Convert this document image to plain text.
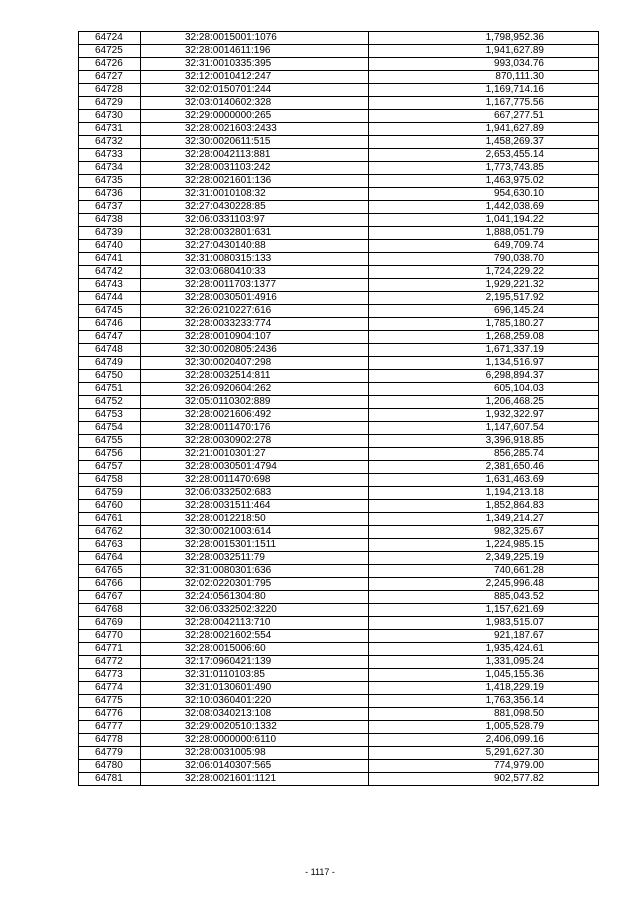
64724	32:28:0015001:1076	1,798,952.36
64725	32:28:0014611:196	1,941,627.89
64726	32:31:0010335:395	993,034.76
64727	32:12:0010412:247	870,111.30
64728	32:02:0150701:244	1,169,714.16
64729	32:03:0140602:328	1,167,775.56
64730	32:29:0000000:265	667,277.51
64731	32:28:0021603:2433	1,941,627.89
64732	32:30:0020611:515	1,458,269.37
64733	32:28:0042113:881	2,653,455.14
64734	32:28:0031103:242	1,773,743.85
64735	32:28:0021601:136	1,463,975.02
64736	32:31:0010108:32	954,630.10
64737	32:27:0430228:85	1,442,038.69
64738	32:06:0331103:97	1,041,194.22
64739	32:28:0032801:631	1,888,051.79
64740	32:27:0430140:88	649,709.74
64741	32:31:0080315:133	790,038.70
64742	32:03:0680410:33	1,724,229.22
64743	32:28:0011703:1377	1,929,221.32
64744	32:28:0030501:4916	2,195,517.92
64745	32:26:0210227:616	696,145.24
64746	32:28:0033233:774	1,785,180.27
64747	32:28:0010904:107	1,268,259.08
64748	32:30:0020805:2436	1,671,337.19
64749	32:30:0020407:298	1,134,516.97
64750	32:28:0032514:811	6,298,894.37
64751	32:26:0920604:262	605,104.03
64752	32:05:0110302:889	1,206,468.25
64753	32:28:0021606:492	1,932,322.97
64754	32:28:0011470:176	1,147,607.54
64755	32:28:0030902:278	3,396,918.85
64756	32:21:0010301:27	856,285.74
64757	32:28:0030501:4794	2,381,650.46
64758	32:28:0011470:698	1,631,463.69
64759	32:06:0332502:683	1,194,213.18
64760	32:28:0031511:464	1,852,864.83
64761	32:28:0012218:50	1,349,214.27
64762	32:30:0021003:614	982,325.67
64763	32:28:0015301:1511	1,224,985.15
64764	32:28:0032511:79	2,349,225.19
64765	32:31:0080301:636	740,661.28
64766	32:02:0220301:795	2,245,996.48
64767	32:24:0561304:80	885,043.52
64768	32:06:0332502:3220	1,157,621.69
64769	32:28:0042113:710	1,983,515.07
64770	32:28:0021602:554	921,187.67
64771	32:28:0015006:60	1,935,424.61
64772	32:17:0960421:139	1,331,095.24
64773	32:31:0110103:85	1,045,155.36
64774	32:31:0130601:490	1,418,229.19
64775	32:10:0360401:220	1,763,356.14
64776	32:08:0340213:108	881,098.50
64777	32:29:0020510:1332	1,005,528.79
64778	32:28:0000000:6110	2,406,099.16
64779	32:28:0031005:98	5,291,627.30
64780	32:06:0140307:565	774,979.00
64781	32:28:0021601:1121	902,577.82
- 1117 -
